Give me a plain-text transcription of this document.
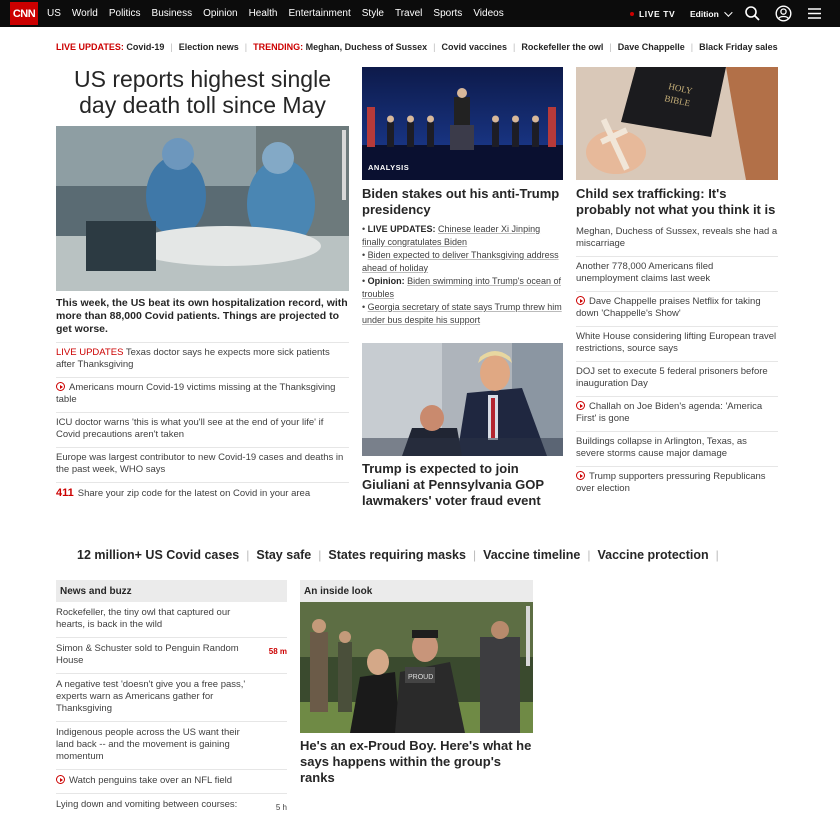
CNN US World Politics Business Opinion Health Entertainment Style Travel Sports Videos	LIVE TV Edition
LIVE UPDATES:
Covid-19 | Election news | TRENDING:
Meghan, Duchess of Sussex | Covid vaccines | Rockefeller the owl | Dave Chappelle | Black Friday sales
US reports highest single day death toll since May

This week, the US beat its own hospitalization record, with more than 88,000 Covid patients. Things are projected to get worse.

LIVE UPDATES Texas doctor says he expects more sick patients after Thanksgiving
Americans mourn Covid-19 victims missing at the Thanksgiving table
ICU doctor warns 'this is what you'll see at the end of your life' if Covid precautions aren't taken
Europe was largest contributor to new Covid-19 cases and deaths in the past week, WHO says
411 Share your zip code for the latest on Covid in your area
ANALYSIS
Biden stakes out his anti-Trump presidency
• LIVE UPDATES: Chinese leader Xi Jinping finally congratulates Biden
• Biden expected to deliver Thanksgiving address ahead of holiday
• Opinion: Biden swimming into Trump's ocean of troubles
• Georgia secretary of state says Trump threw him under bus despite his support
Trump is expected to join Giuliani at Pennsylvania GOP lawmakers' voter fraud event
HOLY
BIBLE
Child sex trafficking: It's probably not what you think it is
Meghan, Duchess of Sussex, reveals she had a miscarriage
Another 778,000 Americans filed unemployment claims last week
Dave Chappelle praises Netflix for taking down 'Chappelle's Show'
White House considering lifting European travel restrictions, source says
DOJ set to execute 5 federal prisoners before inauguration Day
Challah on Joe Biden's agenda: 'America First' is gone
Buildings collapse in Arlington, Texas, as severe storms cause major damage
Trump supporters pressuring Republicans over election
12 million+ US Covid cases | Stay safe | States requiring masks | Vaccine timeline | Vaccine protection |
News and buzz
Rockefeller, the tiny owl that captured our hearts, is back in the wild
Simon & Schuster sold to Penguin Random House
58 m
A negative test 'doesn't give you a free pass,' experts warn as Americans gather for Thanksgiving
Indigenous people across the US want their land back -- and the movement is gaining momentum
Watch penguins take over an NFL field
Lying down and vomiting between courses:	5 h
An inside look
PROUD
He's an ex-Proud Boy. Here's what he says happens within the group's ranks
